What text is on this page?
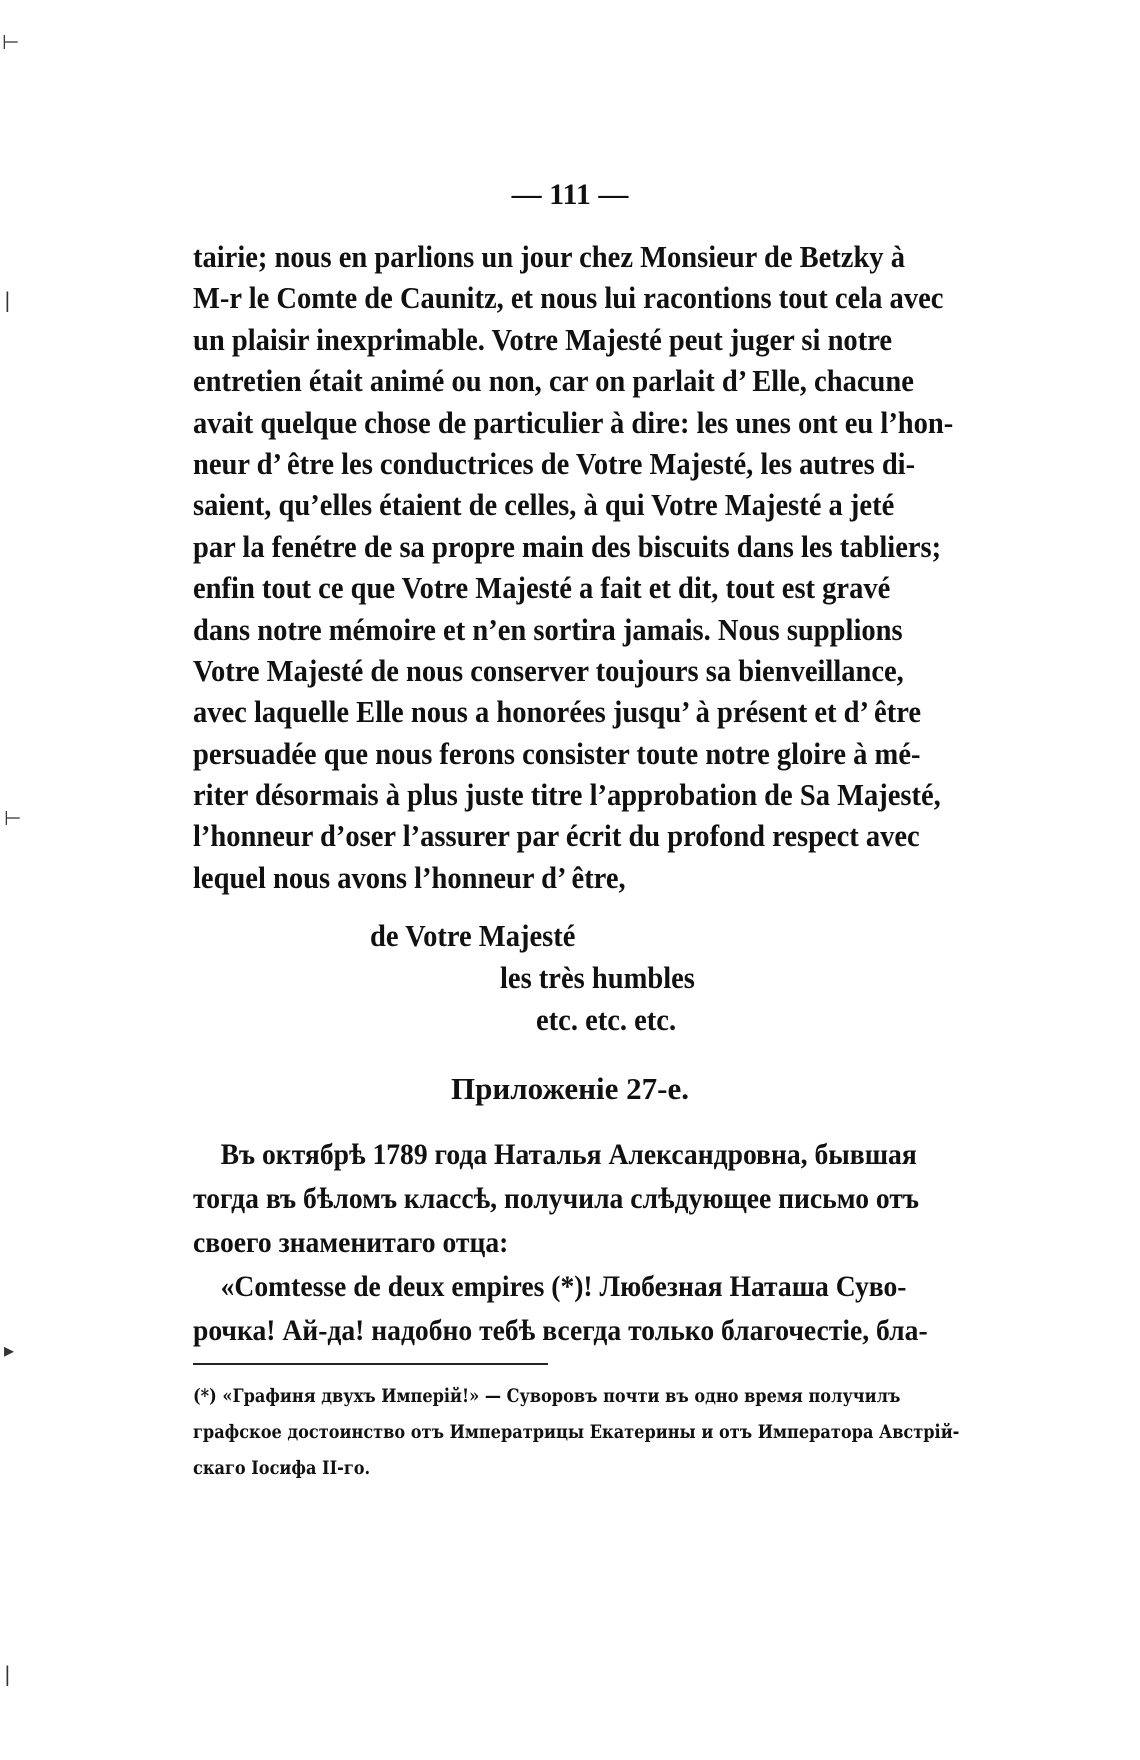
— 111 —
tairie; nous en parlions un jour chez Monsieur de Betzky à
M-r le Comte de Caunitz, et nous lui racontions tout cela avec
un plaisir inexprimable. Votre Majesté peut juger si notre
entretien était animé ou non, car on parlait d’ Elle, chacune
avait quelque chose de particulier à dire: les unes ont eu l’hon-
neur d’ être les conductrices de Votre Majesté, les autres di-
saient, qu’elles étaient de celles, à qui Votre Majesté a jeté
par la fenétre de sa propre main des biscuits dans les tabliers;
enfin tout ce que Votre Majesté a fait et dit, tout est gravé
dans notre mémoire et n’en sortira jamais. Nous supplions
Votre Majesté de nous conserver toujours sa bienveillance,
avec laquelle Elle nous a honorées jusqu’ à présent et d’ être
persuadée que nous ferons consister toute notre gloire à mé-
riter désormais à plus juste titre l’approbation de Sa Majesté,
l’honneur d’oser l’assurer par écrit du profond respect avec
lequel nous avons l’honneur d’ être,
de Votre Majesté
les très humbles
etc. etc. etc.
Приложенiе 27-е.
Въ октябрѣ 1789 года Наталья Александровна, бывшая
тогда въ бѣломъ классѣ, получила слѣдующее письмо отъ
своего знаменитаго отца:
«Comtesse de deux empires (*)! Любезная Наташа Суво-
рочка! Ай-да! надобно тебѣ всегда только благочестiе, бла-
(*) «Графиня двухъ Имперiй!» — Суворовъ почти въ одно время получилъ
графское достоинство отъ Императрицы Екатерины и отъ Императора Австрiй-
скаго Iосифа II-го.
⊢
|
⊢
▸
|
